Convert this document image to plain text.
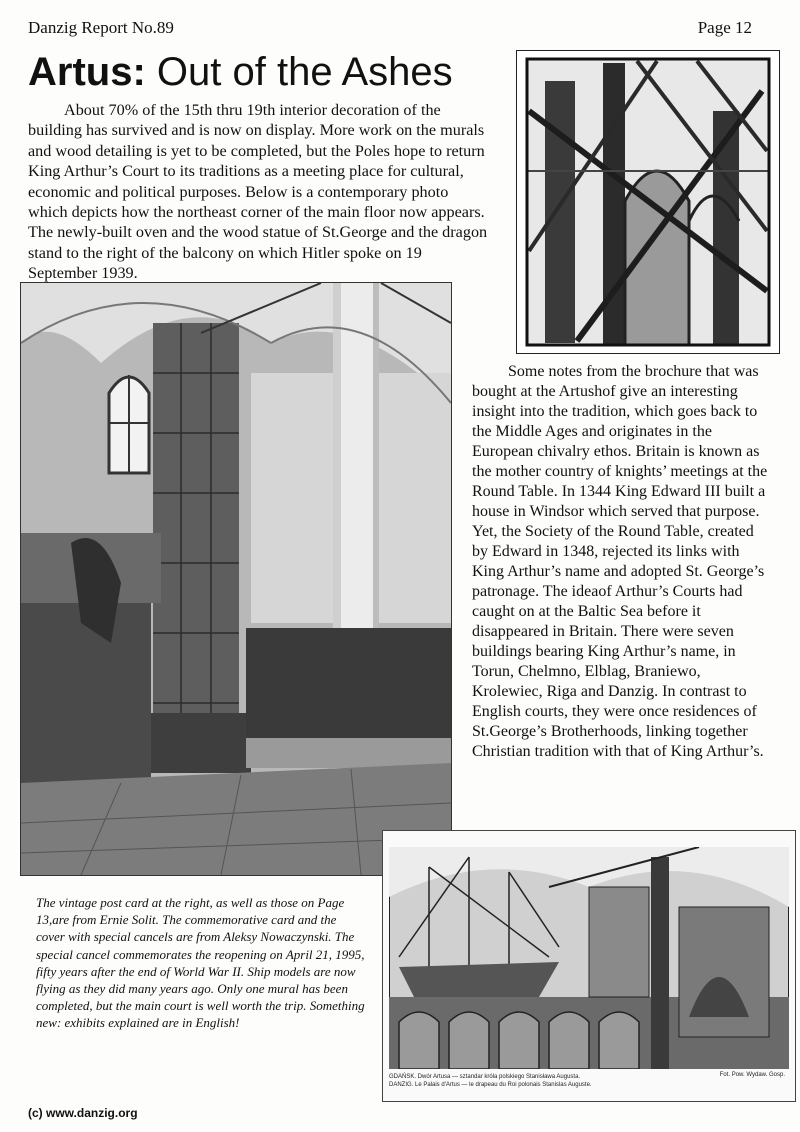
Danzig Report No.89	Page 12
Artus: Out of the Ashes

About 70% of the 15th thru 19th interior decoration of the building has survived and is now on display. More work on the murals and wood detailing is yet to be completed, but the Poles hope to return King Arthur’s Court to its traditions as a meeting place for cultural, economic and political purposes. Below is a contemporary photo which depicts how the northeast corner of the main floor now appears. The newly-built oven and the wood statue of St.George and the dragon stand to the right of the balcony on which Hitler spoke on 19 September 1939.

Some notes from the brochure that was bought at the Artushof give an interesting insight into the tradition, which goes back to the Middle Ages and originates in the European chivalry ethos. Britain is known as the mother country of knights’ meetings at the Round Table. In 1344 King Edward III built a house in Windsor which served that purpose. Yet, the Society of the Round Table, created by Edward in 1348, rejected its links with King Arthur’s name and adopted St. George’s patronage. The ideaof Arthur’s Courts had caught on at the Baltic Sea before it disappeared in Britain. There were seven buildings bearing King Arthur’s name, in Torun, Chelmno, Elblag, Braniewo, Krolewiec, Riga and Danzig. In contrast to English courts, they were once residences of St.George’s Brotherhoods, linking together Christian tradition with that of King Arthur’s.

The vintage post card at the right, as well as those on Page 13,are from Ernie Solit. The commemorative card and the cover with special cancels are from Aleksy Nowaczynski. The special cancel commemorates the reopening on April 21, 1995, fifty years after the end of World War II. Ship models are now flying as they did many years ago. Only one mural has been completed, but the main court is well worth the trip. Something new: exhibits explained are in English!

GDAŃSK. Dwór Artusa — sztandar króla polskiego Stanisława Augusta.
DANZIG. Le Palais d'Artus — le drapeau du Roi polonais Stanislas Auguste.
Fot. Pow. Wydaw. Gosp.
(c) www.danzig.org
